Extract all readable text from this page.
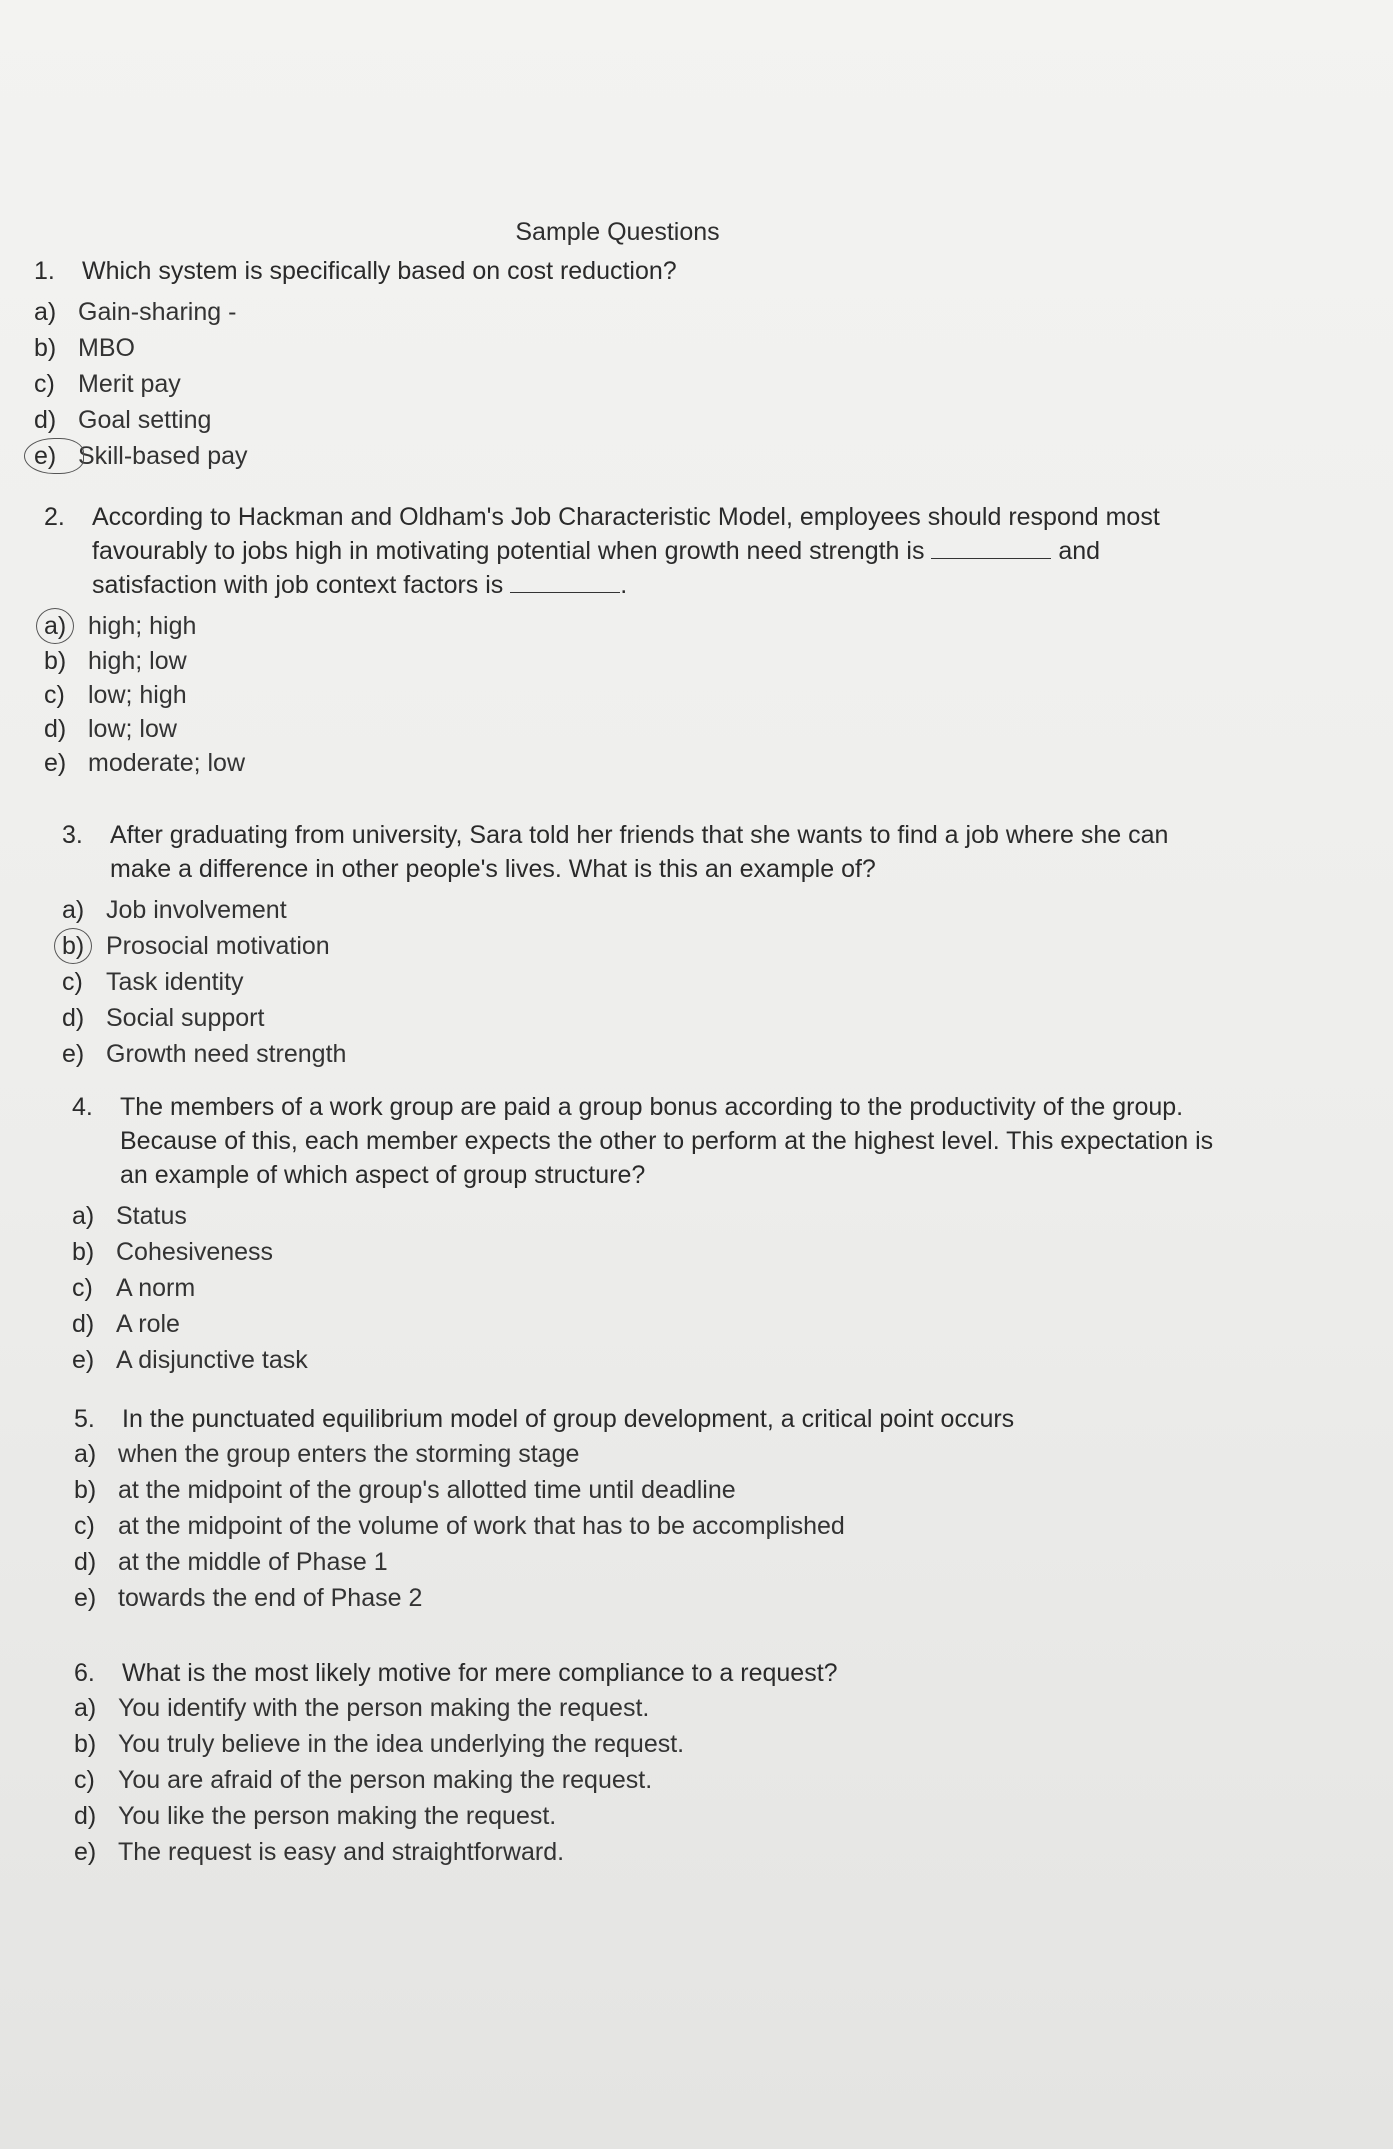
Sample Questions
1.	Which system is specifically based on cost reduction?
a) Gain-sharing -
b) MBO
c) Merit pay
d) Goal setting
e) Skill-based pay
2.	According to Hackman and Oldham's Job Characteristic Model, employees should respond most favourably to jobs high in motivating potential when growth need strength is	and satisfaction with job context factors is	.
a) high; high
b) high; low
c) low; high
d) low; low
e) moderate; low
3.	After graduating from university, Sara told her friends that she wants to find a job where she can make a difference in other people's lives. What is this an example of?
a) Job involvement
b) Prosocial motivation
c) Task identity
d) Social support
e) Growth need strength
4.	The members of a work group are paid a group bonus according to the productivity of the group. Because of this, each member expects the other to perform at the highest level. This expectation is an example of which aspect of group structure?
a) Status
b) Cohesiveness
c) A norm
d) A role
e) A disjunctive task
5.	In the punctuated equilibrium model of group development, a critical point occurs
a) when the group enters the storming stage
b) at the midpoint of the group's allotted time until deadline
c) at the midpoint of the volume of work that has to be accomplished
d) at the middle of Phase 1
e) towards the end of Phase 2
6.	What is the most likely motive for mere compliance to a request?
a) You identify with the person making the request.
b) You truly believe in the idea underlying the request.
c) You are afraid of the person making the request.
d) You like the person making the request.
e) The request is easy and straightforward.
